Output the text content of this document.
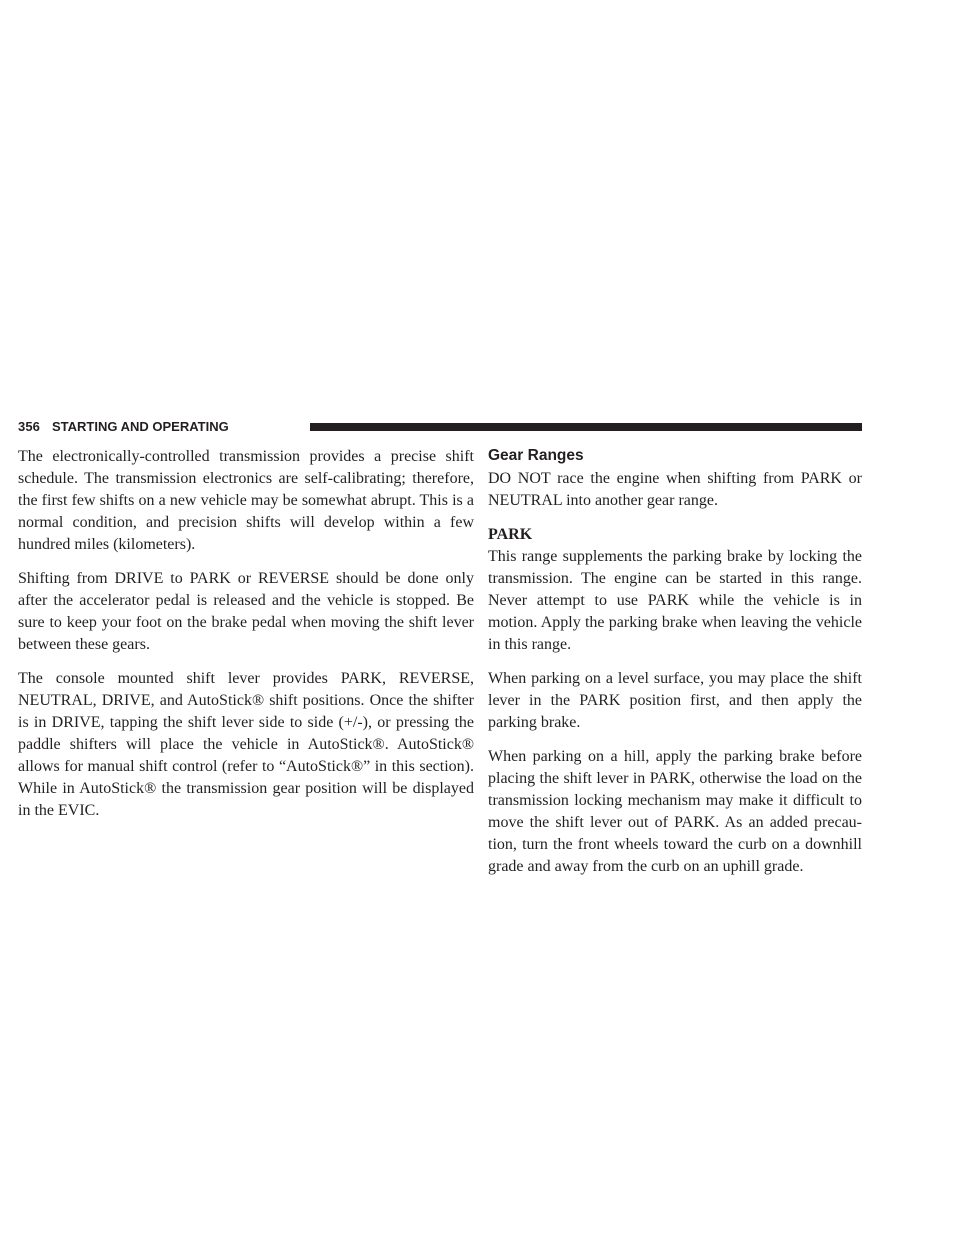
356 STARTING AND OPERATING

The electronically-controlled transmission provides a precise shift schedule. The transmission electronics are self-calibrating; therefore, the first few shifts on a new vehicle may be somewhat abrupt. This is a normal condition, and precision shifts will develop within a few hundred miles (kilometers).

Shifting from DRIVE to PARK or REVERSE should be done only after the accelerator pedal is released and the vehicle is stopped. Be sure to keep your foot on the brake pedal when moving the shift lever between these gears.

The console mounted shift lever provides PARK, REVERSE, NEUTRAL, DRIVE, and AutoStick® shift positions. Once the shifter is in DRIVE, tapping the shift lever side to side (+/-), or pressing the paddle shifters will place the vehicle in AutoStick®. AutoStick® allows for manual shift control (refer to “AutoStick®” in this section). While in AutoStick® the transmission gear position will be displayed in the EVIC.

Gear Ranges

DO NOT race the engine when shifting from PARK or NEUTRAL into another gear range.

PARK

This range supplements the parking brake by locking the transmission. The engine can be started in this range. Never attempt to use PARK while the vehicle is in motion. Apply the parking brake when leaving the vehicle in this range.

When parking on a level surface, you may place the shift lever in the PARK position first, and then apply the parking brake.

When parking on a hill, apply the parking brake before placing the shift lever in PARK, otherwise the load on the transmission locking mechanism may make it difficult to move the shift lever out of PARK. As an added precaution, turn the front wheels toward the curb on a downhill grade and away from the curb on an uphill grade.
